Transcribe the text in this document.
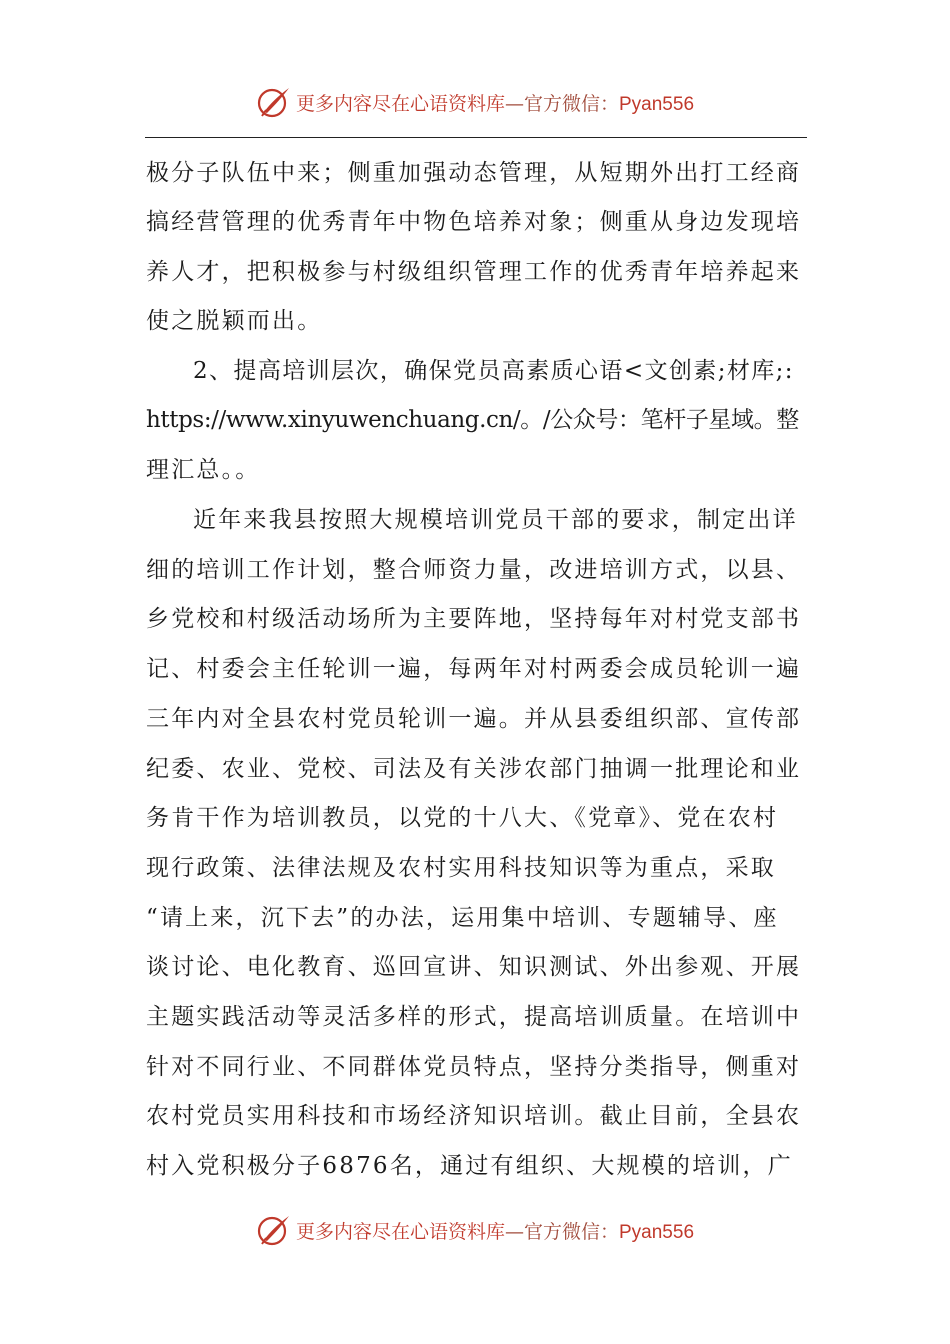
更多内容尽在心语资料库—官方微信：Pyan556
极分子队伍中来；侧重加强动态管理，从短期外出打工经商
搞经营管理的优秀青年中物色培养对象；侧重从身边发现培
养人才，把积极参与村级组织管理工作的优秀青年培养起来
使之脱颖而出。
2、提高培训层次，确保党员高素质心语<文创素;材库;:
https://www.xinyuwenchuang.cn/。/公众号：笔杆子星域。整
理汇总。。
近年来我县按照大规模培训党员干部的要求，制定出详
细的培训工作计划，整合师资力量，改进培训方式，以县、
乡党校和村级活动场所为主要阵地，坚持每年对村党支部书
记、村委会主任轮训一遍，每两年对村两委会成员轮训一遍
三年内对全县农村党员轮训一遍。并从县委组织部、宣传部
纪委、农业、党校、司法及有关涉农部门抽调一批理论和业
务肯干作为培训教员，以党的十八大、《党章》、党在农村
现行政策、法律法规及农村实用科技知识等为重点，采取
“请上来，沉下去”的办法，运用集中培训、专题辅导、座
谈讨论、电化教育、巡回宣讲、知识测试、外出参观、开展
主题实践活动等灵活多样的形式，提高培训质量。在培训中
针对不同行业、不同群体党员特点，坚持分类指导，侧重对
农村党员实用科技和市场经济知识培训。截止目前，全县农
村入党积极分子6876名，通过有组织、大规模的培训，广
更多内容尽在心语资料库—官方微信：Pyan556
